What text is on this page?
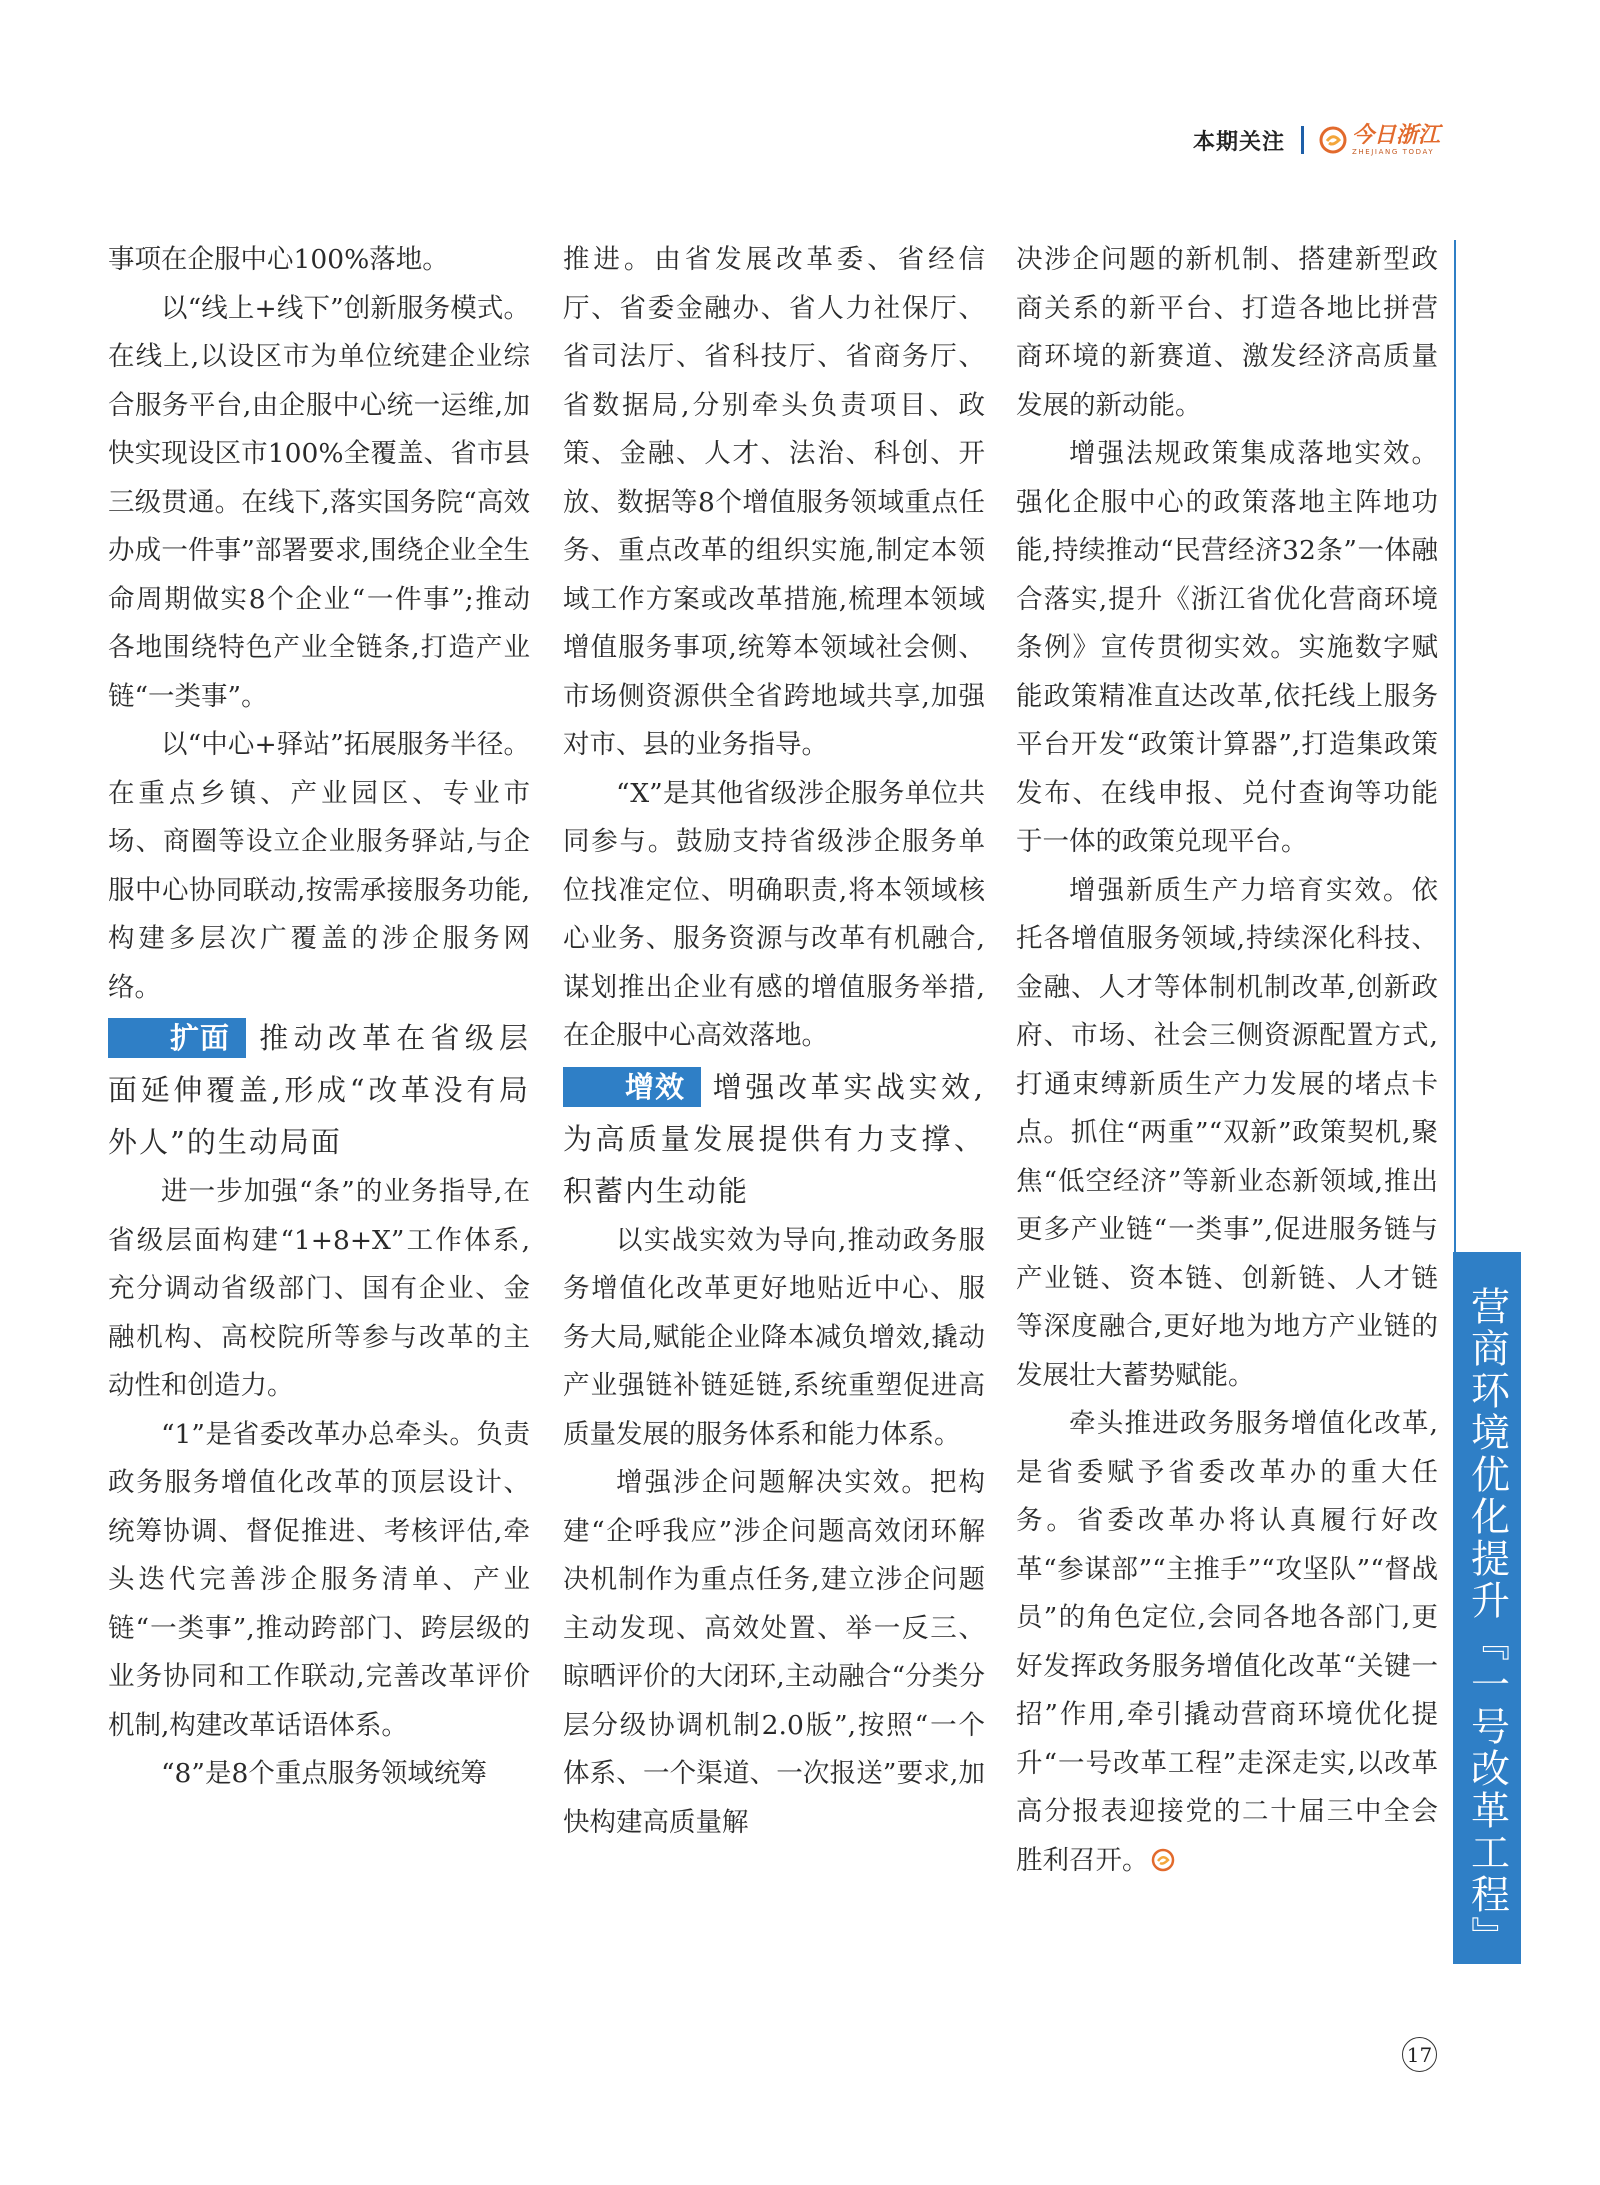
本期关注	今日浙江
ZHEJIANG TODAY

事项在企服中心100%落地。

以“线上+线下”创新服务模式。在线上,以设区市为单位统建企业综合服务平台,由企服中心统一运维,加快实现设区市100%全覆盖、省市县三级贯通。在线下,落实国务院“高效办成一件事”部署要求,围绕企业全生命周期做实8个企业“一件事”;推动各地围绕特色产业全链条,打造产业链“一类事”。

以“中心+驿站”拓展服务半径。在重点乡镇、产业园区、专业市场、商圈等设立企业服务驿站,与企服中心协同联动,按需承接服务功能,构建多层次广覆盖的涉企服务网络。

扩面 推动改革在省级层面延伸覆盖,形成“改革没有局外人”的生动局面

进一步加强“条”的业务指导,在省级层面构建“1+8+X”工作体系,充分调动省级部门、国有企业、金融机构、高校院所等参与改革的主动性和创造力。

“1”是省委改革办总牵头。负责政务服务增值化改革的顶层设计、统筹协调、督促推进、考核评估,牵头迭代完善涉企服务清单、产业链“一类事”,推动跨部门、跨层级的业务协同和工作联动,完善改革评价机制,构建改革话语体系。

“8”是8个重点服务领域统筹

推进。由省发展改革委、省经信厅、省委金融办、省人力社保厅、省司法厅、省科技厅、省商务厅、省数据局,分别牵头负责项目、政策、金融、人才、法治、科创、开放、数据等8个增值服务领域重点任务、重点改革的组织实施,制定本领域工作方案或改革措施,梳理本领域增值服务事项,统筹本领域社会侧、市场侧资源供全省跨地域共享,加强对市、县的业务指导。

“X”是其他省级涉企服务单位共同参与。鼓励支持省级涉企服务单位找准定位、明确职责,将本领域核心业务、服务资源与改革有机融合,谋划推出企业有感的增值服务举措,在企服中心高效落地。

增效 增强改革实战实效,为高质量发展提供有力支撑、积蓄内生动能

以实战实效为导向,推动政务服务增值化改革更好地贴近中心、服务大局,赋能企业降本减负增效,撬动产业强链补链延链,系统重塑促进高质量发展的服务体系和能力体系。

增强涉企问题解决实效。把构建“企呼我应”涉企问题高效闭环解决机制作为重点任务,建立涉企问题主动发现、高效处置、举一反三、晾晒评价的大闭环,主动融合“分类分层分级协调机制2.0版”,按照“一个体系、一个渠道、一次报送”要求,加快构建高质量解

决涉企问题的新机制、搭建新型政商关系的新平台、打造各地比拼营商环境的新赛道、激发经济高质量发展的新动能。

增强法规政策集成落地实效。强化企服中心的政策落地主阵地功能,持续推动“民营经济32条”一体融合落实,提升《浙江省优化营商环境条例》宣传贯彻实效。实施数字赋能政策精准直达改革,依托线上服务平台开发“政策计算器”,打造集政策发布、在线申报、兑付查询等功能于一体的政策兑现平台。

增强新质生产力培育实效。依托各增值服务领域,持续深化科技、金融、人才等体制机制改革,创新政府、市场、社会三侧资源配置方式,打通束缚新质生产力发展的堵点卡点。抓住“两重”“双新”政策契机,聚焦“低空经济”等新业态新领域,推出更多产业链“一类事”,促进服务链与产业链、资本链、创新链、人才链等深度融合,更好地为地方产业链的发展壮大蓄势赋能。

牵头推进政务服务增值化改革,是省委赋予省委改革办的重大任务。省委改革办将认真履行好改革“参谋部”“主推手”“攻坚队”“督战员”的角色定位,会同各地各部门,更好发挥政务服务增值化改革“关键一招”作用,牵引撬动营商环境优化提升“一号改革工程”走深走实,以改革高分报表迎接党的二十届三中全会胜利召开。	营商环境优化提升『一号改革工程』
17
